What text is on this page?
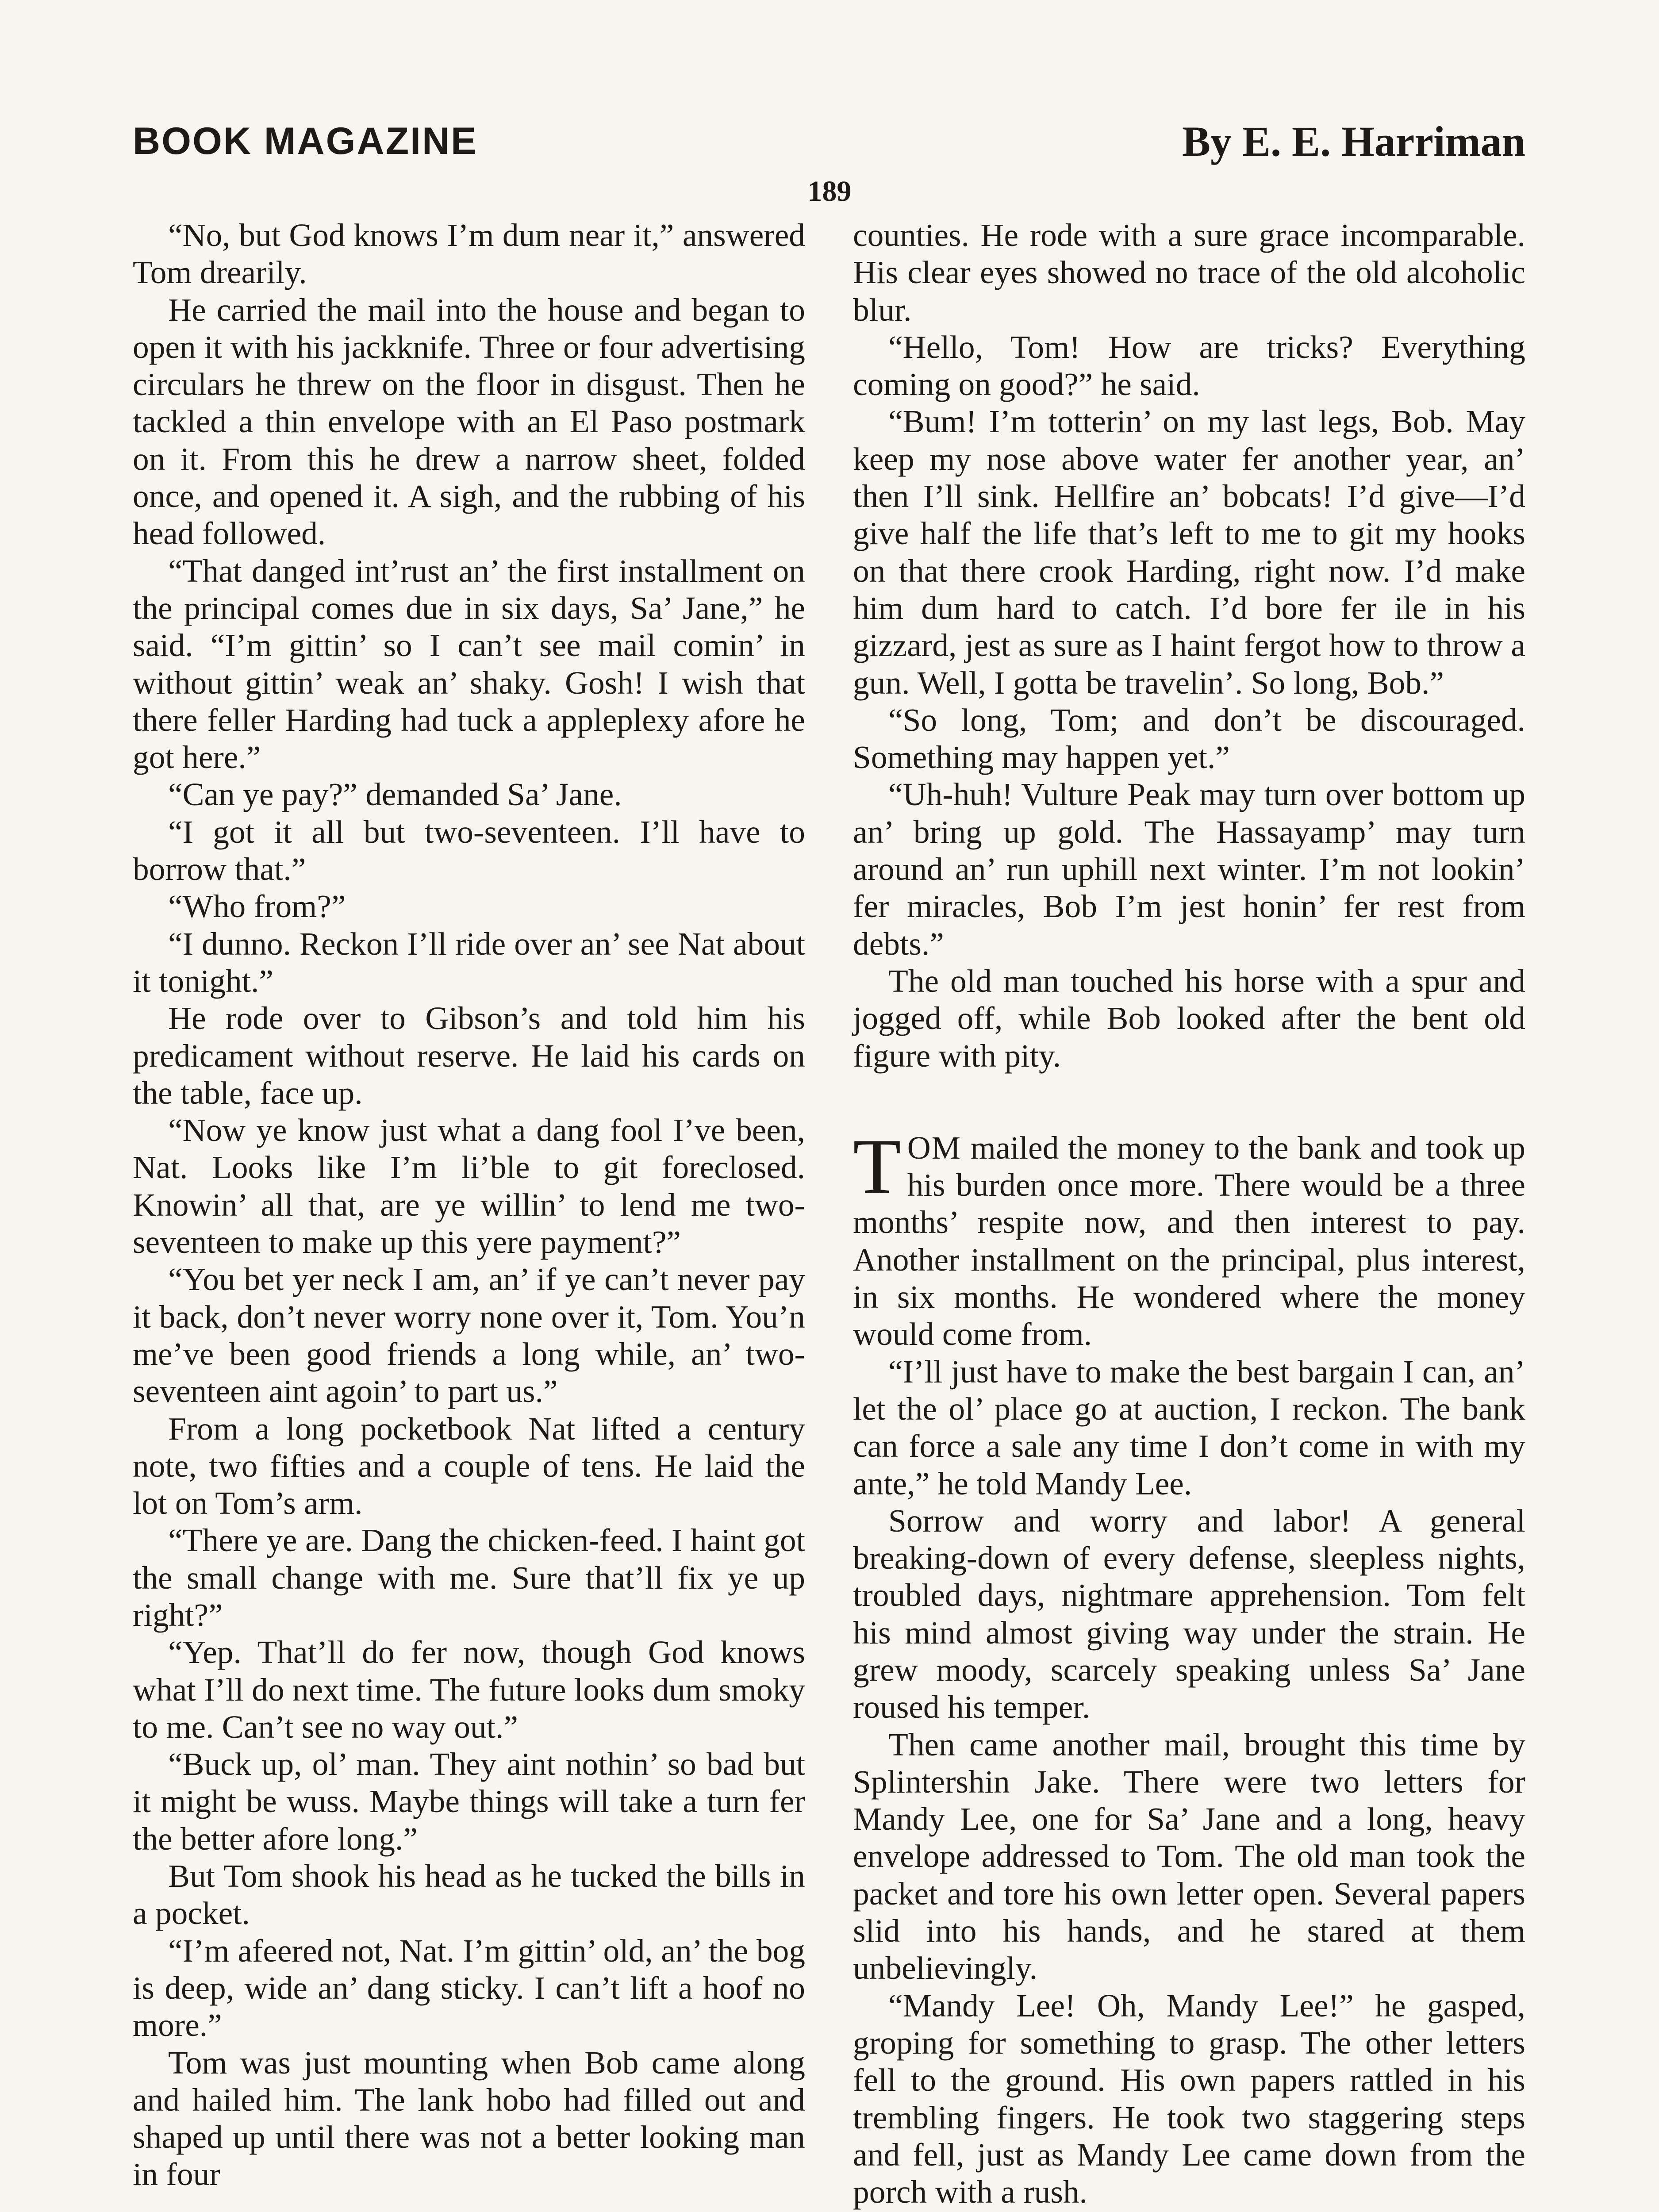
BOOK MAGAZINE	By E. E. Harriman
189

“No, but God knows I’m dum near it,” answered Tom drearily.

He carried the mail into the house and began to open it with his jackknife. Three or four advertising circulars he threw on the floor in disgust. Then he tackled a thin envelope with an El Paso postmark on it. From this he drew a narrow sheet, folded once, and opened it. A sigh, and the rubbing of his head followed.

“That danged int’rust an’ the first installment on the principal comes due in six days, Sa’ Jane,” he said. “I’m gittin’ so I can’t see mail comin’ in without gittin’ weak an’ shaky. Gosh! I wish that there feller Harding had tuck a appleplexy afore he got here.”

“Can ye pay?” demanded Sa’ Jane.

“I got it all but two-seventeen. I’ll have to borrow that.”

“Who from?”

“I dunno. Reckon I’ll ride over an’ see Nat about it tonight.”

He rode over to Gibson’s and told him his predicament without reserve. He laid his cards on the table, face up.

“Now ye know just what a dang fool I’ve been, Nat. Looks like I’m li’ble to git foreclosed. Knowin’ all that, are ye willin’ to lend me two-seventeen to make up this yere payment?”

“You bet yer neck I am, an’ if ye can’t never pay it back, don’t never worry none over it, Tom. You’n me’ve been good friends a long while, an’ two-seventeen aint agoin’ to part us.”

From a long pocketbook Nat lifted a century note, two fifties and a couple of tens. He laid the lot on Tom’s arm.

“There ye are. Dang the chicken-feed. I haint got the small change with me. Sure that’ll fix ye up right?”

“Yep. That’ll do fer now, though God knows what I’ll do next time. The future looks dum smoky to me. Can’t see no way out.”

“Buck up, ol’ man. They aint nothin’ so bad but it might be wuss. Maybe things will take a turn fer the better afore long.”

But Tom shook his head as he tucked the bills in a pocket.

“I’m afeered not, Nat. I’m gittin’ old, an’ the bog is deep, wide an’ dang sticky. I can’t lift a hoof no more.”

Tom was just mounting when Bob came along and hailed him. The lank hobo had filled out and shaped up until there was not a better looking man in four

counties. He rode with a sure grace incomparable. His clear eyes showed no trace of the old alcoholic blur.

“Hello, Tom! How are tricks? Everything coming on good?” he said.

“Bum! I’m totterin’ on my last legs, Bob. May keep my nose above water fer another year, an’ then I’ll sink. Hellfire an’ bobcats! I’d give—I’d give half the life that’s left to me to git my hooks on that there crook Harding, right now. I’d make him dum hard to catch. I’d bore fer ile in his gizzard, jest as sure as I haint fergot how to throw a gun. Well, I gotta be travelin’. So long, Bob.”

“So long, Tom; and don’t be discouraged. Something may happen yet.”

“Uh-huh! Vulture Peak may turn over bottom up an’ bring up gold. The Hassayamp’ may turn around an’ run uphill next winter. I’m not lookin’ fer miracles, Bob I’m jest honin’ fer rest from debts.”

The old man touched his horse with a spur and jogged off, while Bob looked after the bent old figure with pity.

TOM mailed the money to the bank and took up his burden once more. There would be a three months’ respite now, and then interest to pay. Another installment on the principal, plus interest, in six months. He wondered where the money would come from.

“I’ll just have to make the best bargain I can, an’ let the ol’ place go at auction, I reckon. The bank can force a sale any time I don’t come in with my ante,” he told Mandy Lee.

Sorrow and worry and labor! A general breaking-down of every defense, sleepless nights, troubled days, nightmare apprehension. Tom felt his mind almost giving way under the strain. He grew moody, scarcely speaking unless Sa’ Jane roused his temper.

Then came another mail, brought this time by Splintershin Jake. There were two letters for Mandy Lee, one for Sa’ Jane and a long, heavy envelope addressed to Tom. The old man took the packet and tore his own letter open. Several papers slid into his hands, and he stared at them unbelievingly.

“Mandy Lee! Oh, Mandy Lee!” he gasped, groping for something to grasp. The other letters fell to the ground. His own papers rattled in his trembling fingers. He took two staggering steps and fell, just as Mandy Lee came down from the porch with a rush.
